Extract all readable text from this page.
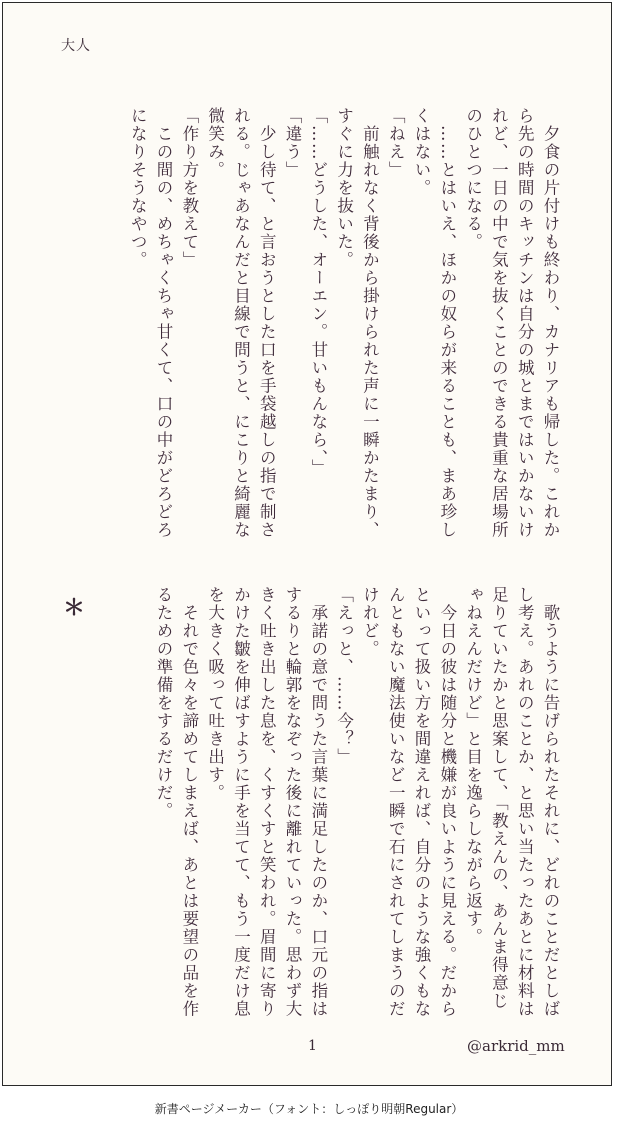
大人
　夕食の片付けも終わり、カナリアも帰した。これから先の時間のキッチンは自分の城とまではいかないけれど、一日の中で気を抜くことのできる貴重な居場所のひとつになる。
　……とはいえ、ほかの奴らが来ることも、まあ珍しくはない。
「ねえ」
　前触れなく背後から掛けられた声に一瞬かたまり、すぐに力を抜いた。
「……どうした、オーエン。甘いもんなら、」
「違う」
　少し待て、と言おうとした口を手袋越しの指で制される。じゃあなんだと目線で問うと、にこりと綺麗な微笑み。
「作り方を教えて」
　この間の、めちゃくちゃ甘くて、口の中がどろどろになりそうなやつ。
＊	　歌うように告げられたそれに、どれのことだとしばし考え。あれのことか、と思い当たったあとに材料は足りていたかと思案して、「教えんの、あんま得意じゃねえんだけど」と目を逸らしながら返す。
　今日の彼は随分と機嫌が良いように見える。だからといって扱い方を間違えれば、自分のような強くもなんともない魔法使いなど一瞬で石にされてしまうのだけれど。
「えっと、……今？」
　承諾の意で問うた言葉に満足したのか、口元の指はするりと輪郭をなぞった後に離れていった。思わず大きく吐き出した息を、くすくすと笑われ。眉間に寄りかけた皺を伸ばすように手を当てて、もう一度だけ息を大きく吸って吐き出す。
　それで色々を諦めてしまえば、あとは要望の品を作るための準備をするだけだ。
1	@arkrid_mm
新書ページメーカー（フォント：しっぽり明朝Regular）
